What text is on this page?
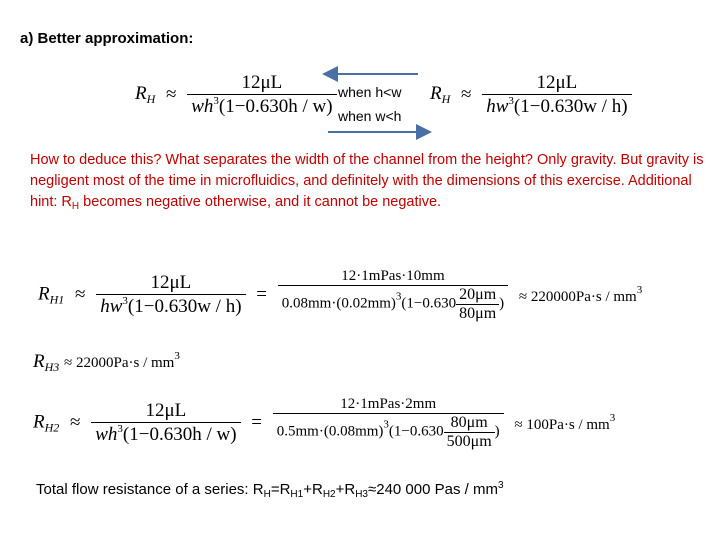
a) Better approximation:
$R_H \approx \frac{12\mu L}{wh^3(1-0.630h / w)}$ when h<w
when w<h
$R_H \approx \frac{12\mu L}{hw^3(1-0.630w / h)}$
How to deduce this? What separates the width of the channel from the height? Only gravity. But gravity is negligent most of the time in microfluidics, and definitely with the dimensions of this exercise. Additional hint: $R_H$ becomes negative otherwise, and it cannot be negative.
$R_{H1} \approx \frac{12\mu L}{hw^3(1-0.630w / h)} = \frac{\text{12·1mPas·10mm}}{0.08mm\cdot(0.02mm)^3(1-0.630 \frac{20\mu m}{80\mu m} )} \approx 220000Pa\cdot s / mm^3$
$R_{H3} \approx 22000Pa\cdot s / mm^3$
$R_{H2} \approx \frac{12\mu L}{wh^3(1-0.630h / w)} = \frac{\text{12·1mPas·2mm}}{0.5mm\cdot(0.08mm)^3(1-0.630 \frac{80\mu m}{500\mu m} )} \approx 100Pa\cdot s / mm^3$
Total flow resistance of a series: $R_H=R_{H1}+R_{H2}+R_{H3}\approx 240$ 000 Pas / $mm^3$
